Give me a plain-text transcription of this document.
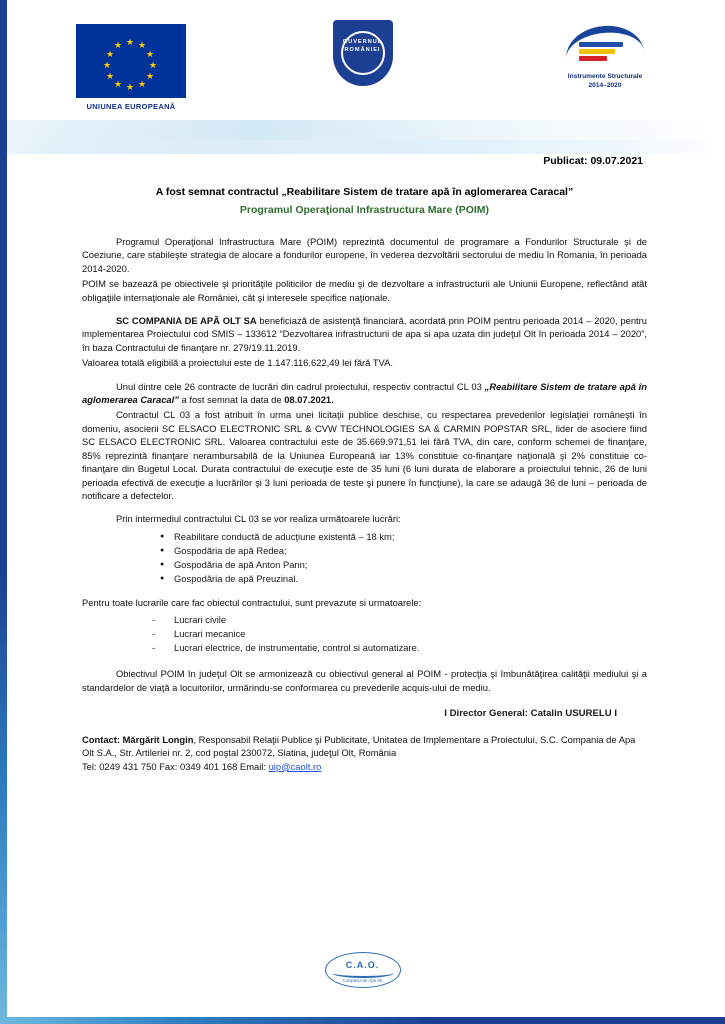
★ ★
★
★
★
★
★
★
★
★
★
★
UNIUNEA EUROPEANĂ
GUVERNUL
ROMÂNIEI
Instrumente Structurale
2014–2020
Publicat: 09.07.2021
A fost semnat contractul „Reabilitare Sistem de tratare apă în aglomerarea Caracal”
Programul Operaţional Infrastructura Mare (POIM)

Programul Operaţional Infrastructura Mare (POIM) reprezintă documentul de programare a Fondurilor Structurale şi de Coeziune, care stabileşte strategia de alocare a fondurilor europene, în vederea dezvoltării sectorului de mediu în Romania, în perioada 2014-2020.

POIM se bazează pe obiectivele şi priorităţile politicilor de mediu şi de dezvoltare a infrastructurii ale Uniunii Europene, reflectând atât obligaţiile internaţionale ale României, cât şi interesele specifice naţionale.

SC COMPANIA DE APĂ OLT SA beneficiază de asistenţă financiară, acordată prin POIM pentru perioada 2014 – 2020, pentru implementarea Proiectului cod SMIS – 133612 “Dezvoltarea infrastructurii de apa si apa uzata din judeţul Olt în perioada 2014 – 2020”, în baza Contractului de finanţare nr. 279/19.11.2019.

Valoarea totală eligibilă a proiectului este de 1.147.116.622,49 lei fără TVA.

Unul dintre cele 26 contracte de lucrări din cadrul proiectului, respectiv contractul CL 03 „Reabilitare Sistem de tratare apă în aglomerarea Caracal” a fost semnat la data de 08.07.2021.

Contractul CL 03 a fost atribuit în urma unei licitaţii publice deschise, cu respectarea prevederilor legislaţiei româneşti în domeniu, asocierii SC ELSACO ELECTRONIC SRL & CVW TECHNOLOGIES SA & CARMIN POPSTAR SRL, lider de asociere fiind SC ELSACO ELECTRONIC SRL. Valoarea contractului este de 35.669.971,51 lei fără TVA, din care, conform schemei de finanţare, 85% reprezintă finanţare nerambursabilă de la Uniunea Europeană iar 13% constituie co-finanţare naţională şi 2% constituie co-finanţare din Bugetul Local. Durata contractului de execuţie este de 35 luni (6 luni durata de elaborare a proiectului tehnic, 26 de luni perioada efectivă de execuţie a lucrărilor şi 3 luni perioada de teste şi punere în funcţiune), la care se adaugă 36 de luni – perioada de notificare a defectelor.

Prin intermediul contractului CL 03 se vor realiza următoarele lucrări:

● Reabilitare conductă de aducţiune existentă – 18 km;
● Gospodăria de apă Redea;
● Gospodăria de apă Anton Pann;
● Gospodăria de apă Preuzinal.

Pentru toate lucrarile care fac obiectul contractului, sunt prevazute si urmatoarele:

- Lucrari civile
- Lucrari mecanice
- Lucrari electrice, de instrumentatie, control si automatizare.

Obiectivul POIM în judeţul Olt se armonizează cu obiectivul general al POIM - protecţia şi îmbunătăţirea calităţii mediului şi a standardelor de viaţă a locuitorilor, urmărindu-se conformarea cu prevederile acquis-ului de mediu.

I Director General: Catalin USURELU I

Contact: Mărgărit Longin, Responsabil Relaţii Publice şi Publicitate, Unitatea de Implementare a Proiectului, S.C. Compania de Apa Olt S.A., Str. Artileriei nr. 2, cod poştal 230072, Slatina, judeţul Olt, România

Tel: 0249 431 750 Fax: 0349 401 168 Email: uip@caolt.ro

C.A.O.
Compania de Apa Olt
